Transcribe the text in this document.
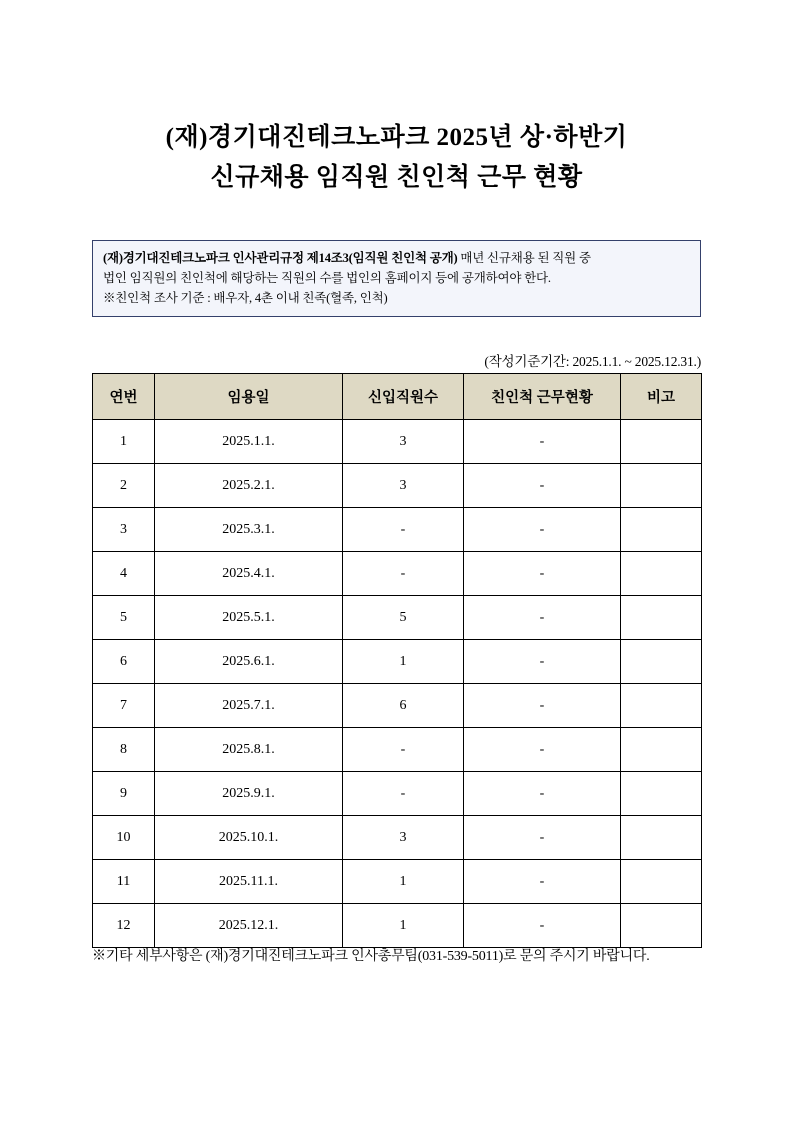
(재)경기대진테크노파크 2025년 상·하반기
신규채용 임직원 친인척 근무 현황
(재)경기대진테크노파크 인사관리규정 제14조3(임직원 친인척 공개) 매년 신규채용 된 직원 중
법인 임직원의 친인척에 해당하는 직원의 수를 법인의 홈페이지 등에 공개하여야 한다.
※친인척 조사 기준 : 배우자, 4촌 이내 친족(혈족, 인척)
(작성기준기간: 2025.1.1. ~ 2025.12.31.)
연번	임용일	신입직원수	친인척 근무현황	비고
1	2025.1.1.	3	-	
2	2025.2.1.	3	-	
3	2025.3.1.	-	-	
4	2025.4.1.	-	-	
5	2025.5.1.	5	-	
6	2025.6.1.	1	-	
7	2025.7.1.	6	-	
8	2025.8.1.	-	-	
9	2025.9.1.	-	-	
10	2025.10.1.	3	-	
11	2025.11.1.	1	-	
12	2025.12.1.	1	-	
※기타 세부사항은 (재)경기대진테크노파크 인사총무팀(031-539-5011)로 문의 주시기 바랍니다.
